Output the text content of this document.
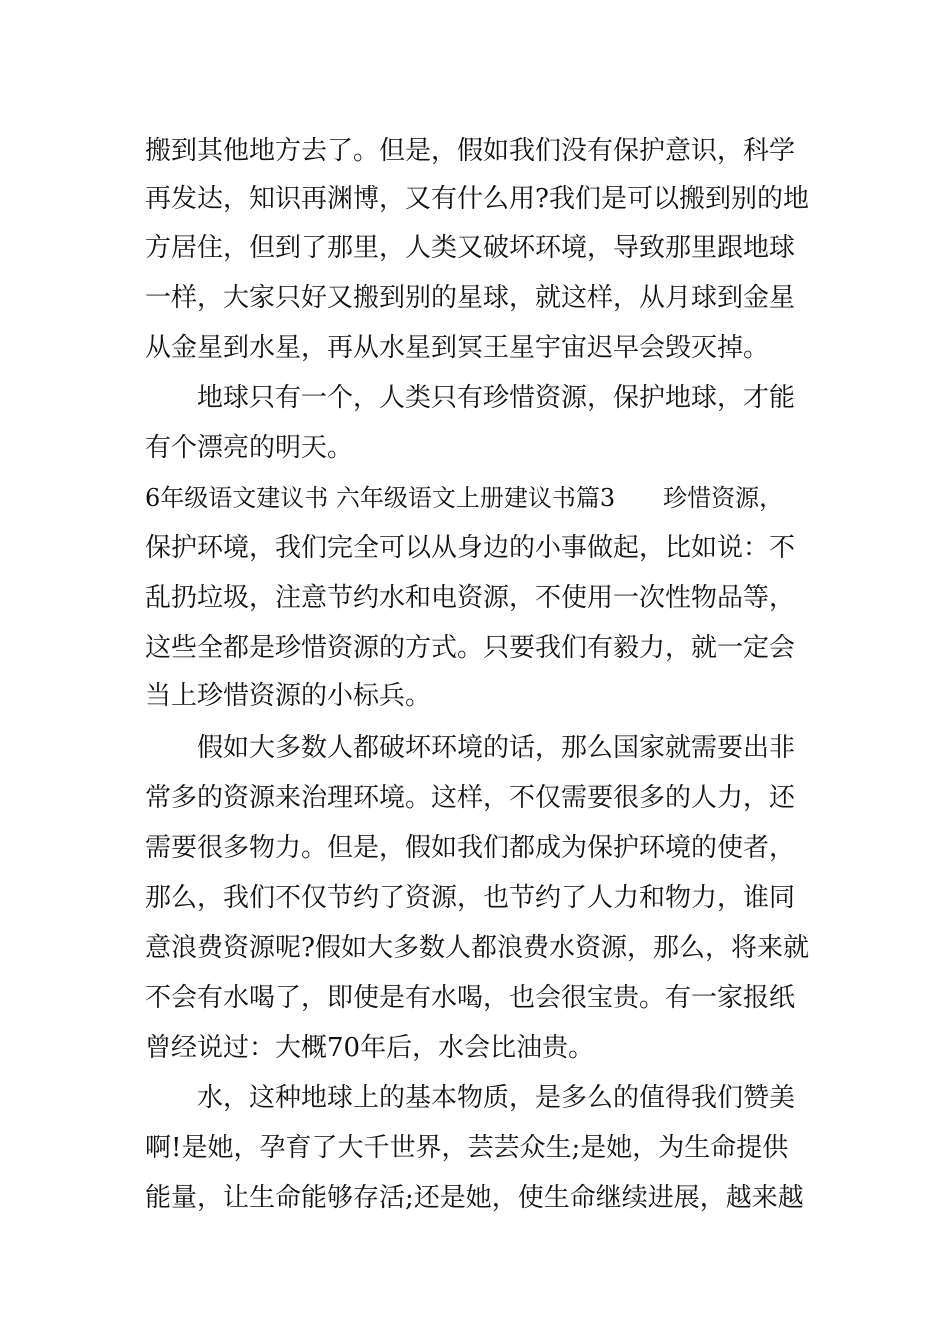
搬到其他地方去了。但是，假如我们没有保护意识，科学
再发达，知识再渊博，又有什么用?我们是可以搬到别的地
方居住，但到了那里，人类又破坏环境，导致那里跟地球
一样，大家只好又搬到别的星球，就这样，从月球到金星
从金星到水星，再从水星到冥王星宇宙迟早会毁灭掉。
地球只有一个，人类只有珍惜资源，保护地球，才能
有个漂亮的明天。
6年级语文建议书 六年级语文上册建议书篇3　　珍惜资源，
保护环境，我们完全可以从身边的小事做起，比如说：不
乱扔垃圾，注意节约水和电资源，不使用一次性物品等，
这些全都是珍惜资源的方式。只要我们有毅力，就一定会
当上珍惜资源的小标兵。
假如大多数人都破坏环境的话，那么国家就需要出非
常多的资源来治理环境。这样，不仅需要很多的人力，还
需要很多物力。但是，假如我们都成为保护环境的使者，
那么，我们不仅节约了资源，也节约了人力和物力，谁同
意浪费资源呢?假如大多数人都浪费水资源，那么，将来就
不会有水喝了，即使是有水喝，也会很宝贵。有一家报纸
曾经说过：大概70年后，水会比油贵。
水，这种地球上的基本物质，是多么的值得我们赞美
啊!是她，孕育了大千世界，芸芸众生;是她，为生命提供
能量，让生命能够存活;还是她，使生命继续进展，越来越
